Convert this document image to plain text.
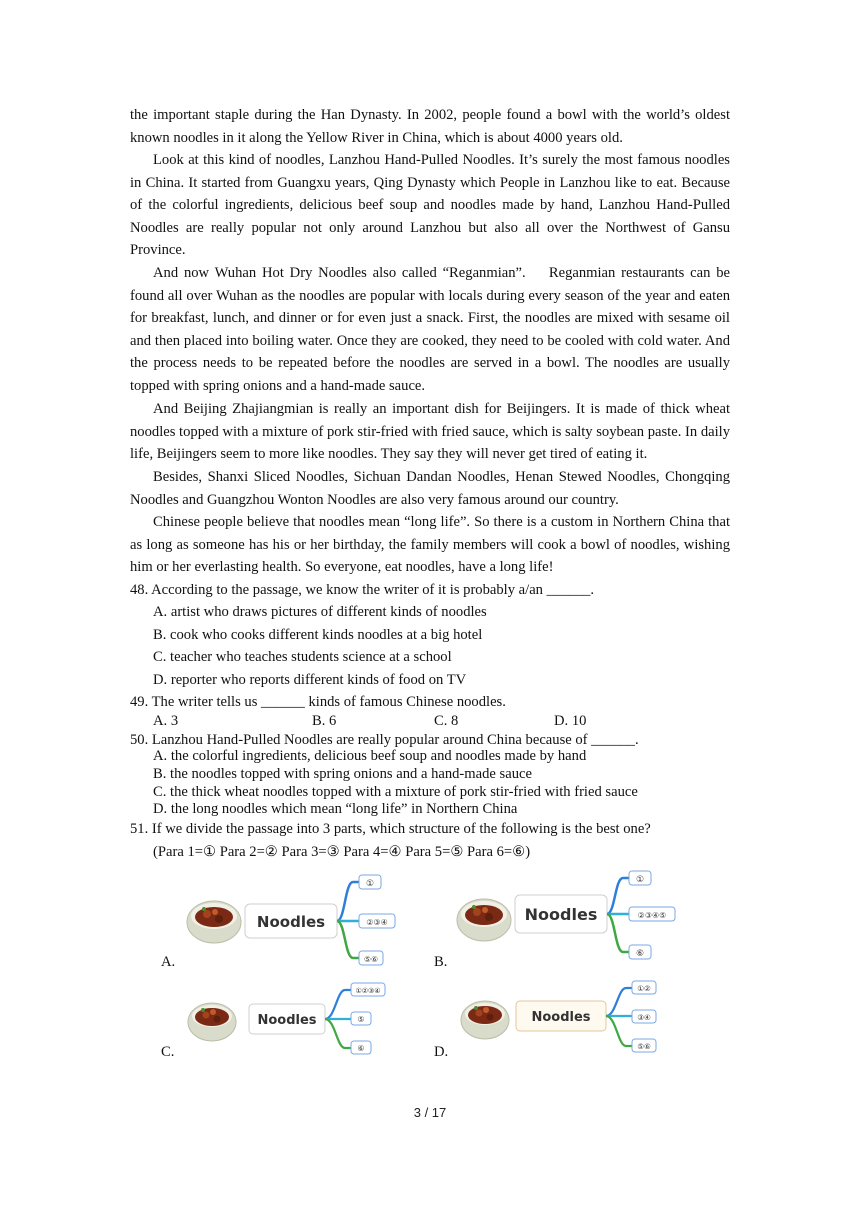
the important staple during the Han Dynasty. In 2002, people found a bowl with the world’s oldest known noodles in it along the Yellow River in China, which is about 4000 years old.

Look at this kind of noodles, Lanzhou Hand-Pulled Noodles. It’s surely the most famous noodles in China. It started from Guangxu years, Qing Dynasty which People in Lanzhou like to eat. Because of the colorful ingredients, delicious beef soup and noodles made by hand, Lanzhou Hand-Pulled Noodles are really popular not only around Lanzhou but also all over the Northwest of Gansu Province.

And now Wuhan Hot Dry Noodles also called “Reganmian”.    Reganmian restaurants can be found all over Wuhan as the noodles are popular with locals during every season of the year and eaten for breakfast, lunch, and dinner or for even just a snack. First, the noodles are mixed with sesame oil and then placed into boiling water. Once they are cooked, they need to be cooled with cold water. And the process needs to be repeated before the noodles are served in a bowl. The noodles are usually topped with spring onions and a hand-made sauce.

And Beijing Zhajiangmian is really an important dish for Beijingers. It is made of thick wheat noodles topped with a mixture of pork stir-fried with fried sauce, which is salty soybean paste. In daily life, Beijingers seem to more like noodles. They say they will never get tired of eating it.

Besides, Shanxi Sliced Noodles, Sichuan Dandan Noodles, Henan Stewed Noodles, Chongqing Noodles and Guangzhou Wonton Noodles are also very famous around our country.

Chinese people believe that noodles mean “long life”. So there is a custom in Northern China that as long as someone has his or her birthday, the family members will cook a bowl of noodles, wishing him or her everlasting health. So everyone, eat noodles, have a long life!

48. According to the passage, we know the writer of it is probably a/an ______.
A. artist who draws pictures of different kinds of noodles
B. cook who cooks different kinds noodles at a big hotel
C. teacher who teaches students science at a school
D. reporter who reports different kinds of food on TV
49. The writer tells us ______ kinds of famous Chinese noodles.
A. 3	B. 6	C. 8	D. 10
50. Lanzhou Hand-Pulled Noodles are really popular around China because of ______.
A. the colorful ingredients, delicious beef soup and noodles made by hand
B. the noodles topped with spring onions and a hand-made sauce
C. the thick wheat noodles topped with a mixture of pork stir-fried with fried sauce
D. the long noodles which mean “long life” in Northern China
51. If we divide the passage into 3 parts, which structure of the following is the best one?
(Para 1=① Para 2=② Para 3=③ Para 4=④ Para 5=⑤ Para 6=⑥)
Noodles
①
②③④
⑤⑥
A.
Noodles
①
②③④⑤
⑥
B.
Noodles
①②③④
⑤
⑥
C.
Noodles
①②
③④
⑤⑥
D.
3 / 17
